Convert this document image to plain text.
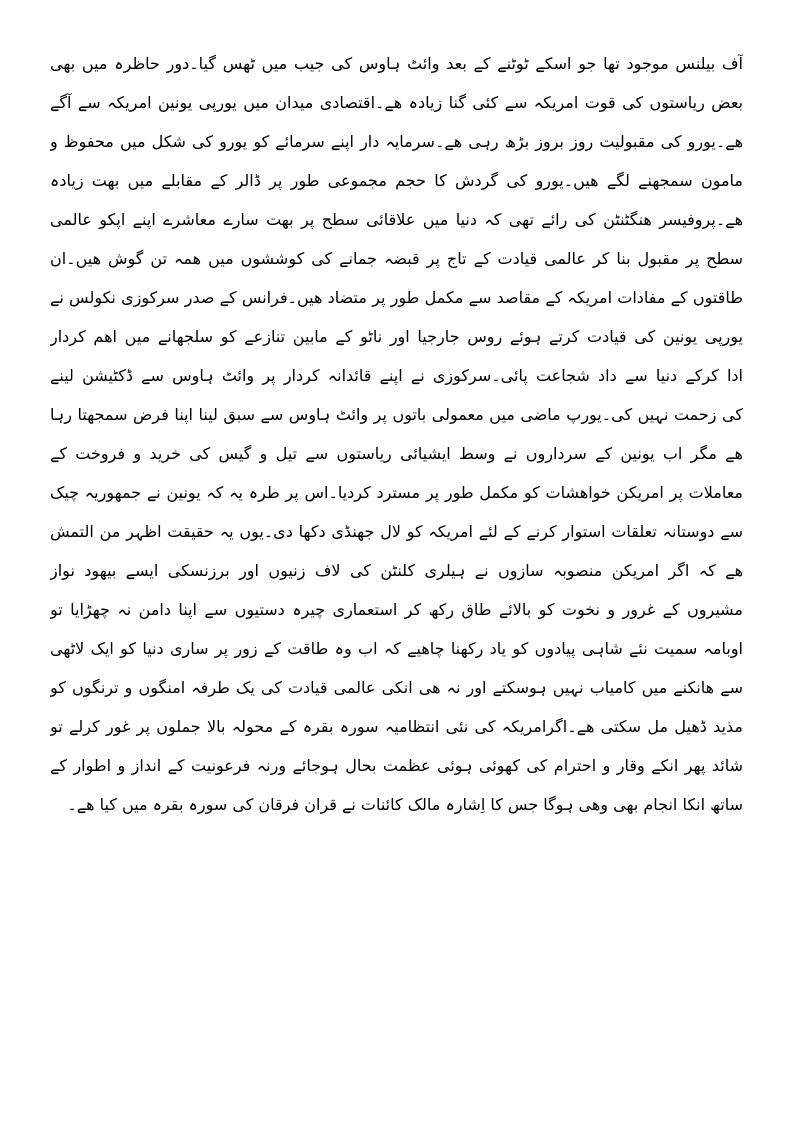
آف بیلنس موجود تھا جو اسکے ٹوٹنے کے بعد وائٹ ہاوس کی جیب میں ٹھس گیا۔دور حاظرہ میں بھی
بعض ریاستوں کی قوت امریکہ سے کئی گنا زیادہ ھے۔اقتصادی میدان میں یورپی یونین امریکہ سے آگے
ھے۔یورو کی مقبولیت روز بروز بڑھ رہی ھے۔سرمایہ دار اپنے سرمائے کو یورو کی شکل میں محفوظ و
مامون سمجھنے لگے ھیں۔یورو کی گردش کا حجم مجموعی طور پر ڈالر کے مقابلے میں بھت زیادہ
ھے۔پروفیسر ھنگٹنٹن کی رائے تھی کہ دنیا میں علاقائی سطح پر بھت سارے معاشرے اپنے اپکو عالمی
سطح پر مقبول بنا کر عالمی قیادت کے تاج پر قبضہ جمانے کی کوششوں میں ھمہ تن گوش ھیں۔ان
طاقتوں کے مفادات امریکہ کے مقاصد سے مکمل طور پر متضاد ھیں۔فرانس کے صدر سرکوزی نکولس نے
یورپی یونین کی قیادت کرتے ہوئے روس جارجیا اور ناٹو کے مابین تنازعے کو سلجھانے میں اھم کردار
ادا کرکے دنیا سے داد شجاعت پائی۔سرکوزی نے اپنے قائدانہ کردار پر وائٹ ہاوس سے ڈکٹیشن لینے
کی زحمت نہیں کی۔یورپ ماضی میں معمولی باتوں پر وائٹ ہاوس سے سبق لینا اپنا فرض سمجھتا رہا
ھے مگر اب یونین کے سرداروں نے وسط ایشیائی ریاستوں سے تیل و گیس کی خرید و فروخت کے
معاملات پر امریکن خواھشات کو مکمل طور پر مسترد کردیا۔اس پر طرہ یہ کہ یونین نے جمھوریہ چیک
سے دوستانہ تعلقات استوار کرنے کے لئے امریکہ کو لال جھنڈی دکھا دی۔یوں یہ حقیقت اظہر من التمش
ھے کہ اگر امریکن منصوبہ سازوں نے ہیلری کلنٹن کی لاف زنیوں اور برزنسکی ایسے بیھود نواز
مشیروں کے غرور و نخوت کو بالائے طاق رکھ کر استعماری چیرہ دستیوں سے اپنا دامن نہ چھڑایا تو
اوبامہ سمیت نئے شاہی پیادوں کو یاد رکھنا چاھیے کہ اب وہ طاقت کے زور پر ساری دنیا کو ایک لاٹھی
سے ھانکنے میں کامیاب نہیں ہوسکتے اور نہ ھی انکی عالمی قیادت کی یک طرفہ امنگوں و ترنگوں کو
مذید ڈھیل مل سکتی ھے۔اگرامریکہ کی نئی انتظامیہ سورہ بقرہ کے محولہ بالا جملوں پر غور کرلے تو
شائد پھر انکے وقار و احترام کی کھوئی ہوئی عظمت بحال ہوجائے ورنہ فرعونیت کے انداز و اطوار کے
ساتھ انکا انجام بھی وھی ہوگا جس کا اِشارہ مالک کائنات نے قران فرقان کی سورہ بقرہ میں کیا ھے۔
